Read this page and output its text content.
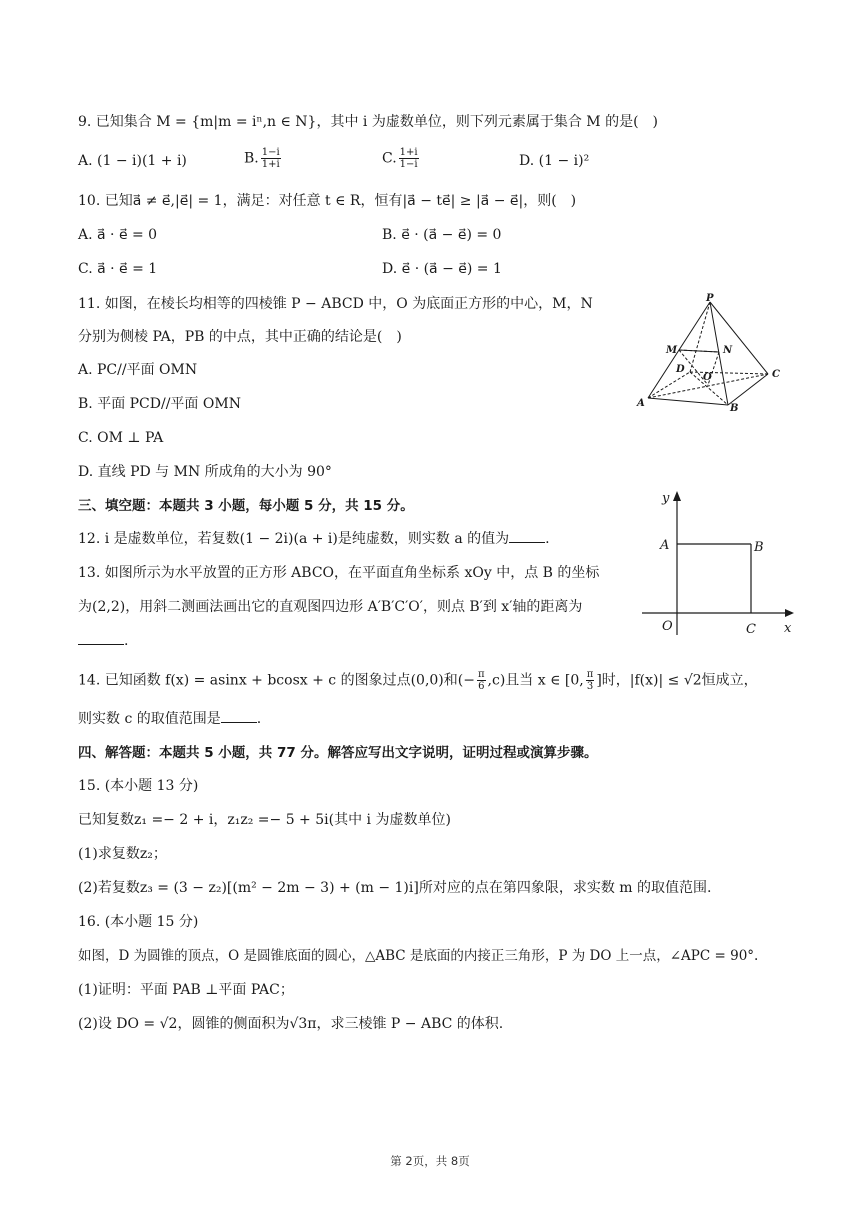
9. 已知集合 M = {m|m = iⁿ,n ∈ N}，其中 i 为虚数单位，则下列元素属于集合 M 的是(　)
A. (1 − i)(1 + i)	B. $\frac{1-i}{1+i}$	C. $\frac{1+i}{1-i}$	D. (1 − i)²
10. 已知a⃗ ≠ e⃗,|e⃗| = 1，满足：对任意 t ∈ R，恒有|a⃗ − te⃗| ≥ |a⃗ − e⃗|，则(　)
A. a⃗ · e⃗ = 0	B. e⃗ · (a⃗ − e⃗) = 0
C. a⃗ · e⃗ = 1	D. e⃗ · (a⃗ − e⃗) = 1
11. 如图，在棱长均相等的四棱锥 P − ABCD 中，O 为底面正方形的中心，M，N
分别为侧棱 PA，PB 的中点，其中正确的结论是(　)
A. PC//平面 OMN
B. 平面 PCD//平面 OMN
C. OM ⊥ PA
D. 直线 PD 与 MN 所成角的大小为 90°
P
M	N
D
O	C
A	B
三、填空题：本题共 3 小题，每小题 5 分，共 15 分。
12. i 是虚数单位，若复数(1 − 2i)(a + i)是纯虚数，则实数 a 的值为	.
13. 如图所示为水平放置的正方形 ABCO，在平面直角坐标系 xOy 中，点 B 的坐标
为(2,2)，用斜二测画法画出它的直观图四边形 A′B′C′O′，则点 B′到 x′轴的距离为
.
y
A	B
O	C x
14. 已知函数 f(x) = asinx + bcosx + c 的图象过点(0,0)和(− $\frac{\pi}{6} ,c$)且当 x ∈ [0, $\frac{\pi}{3}$ ]时，|f(x)| ≤ √2恒成立，
则实数 c 的取值范围是	.
四、解答题：本题共 5 小题，共 77 分。解答应写出文字说明，证明过程或演算步骤。
15. (本小题 13 分)
已知复数z₁ =− 2 + i，z₁z₂ =− 5 + 5i(其中 i 为虚数单位)
(1)求复数z₂；
(2)若复数z₃ = (3 − z₂)[(m² − 2m − 3) + (m − 1)i]所对应的点在第四象限，求实数 m 的取值范围.
16. (本小题 15 分)
如图，D 为圆锥的顶点，O 是圆锥底面的圆心，△ABC 是底面的内接正三角形，P 为 DO 上一点，∠APC = 90°.
(1)证明：平面 PAB ⊥平面 PAC；
(2)设 DO = √2，圆锥的侧面积为√3π，求三棱锥 P − ABC 的体积.
第 2页，共 8页
